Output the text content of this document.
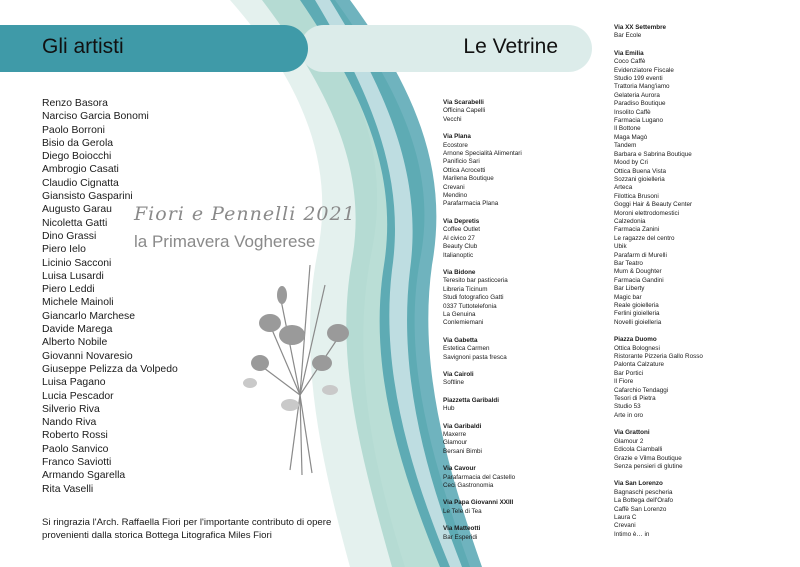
Le Vetrine
Gli artisti
Renzo Basora
Narciso Garcia Bonomi
Paolo Borroni
Bisio da Gerola
Diego Boiocchi
Ambrogio Casati
Claudio Cignatta
Giansisto Gasparini
Augusto Garau
Nicoletta Gatti
Dino Grassi
Piero Ielo
Licinio Sacconi
Luisa Lusardi
Piero Leddi
Michele Mainoli
Giancarlo Marchese
Davide Marega
Alberto Nobile
Giovanni Novaresio
Giuseppe Pelizza da Volpedo
Luisa Pagano
Lucia Pescador
Silverio Riva
Nando Riva
Roberto Rossi
Paolo Sanvico
Franco Saviotti
Armando Sgarella
Rita Vaselli
Fiori e Pennelli 2021
la Primavera Vogherese
Si ringrazia l'Arch. Raffaella Fiori per l'importante contributo di opere
provenienti dalla storica Bottega Litografica Miles Fiori
Via Scarabelli
Officina Capelli
Vecchi
Via Plana
Ecostore
Arnone Specialità Alimentari
Panificio Sari
Ottica Acrocetti
Marilena Boutique
Crevani
Mendino
Parafarmacia Plana
Via Depretis
Coffee Outlet
Al civico 27
Beauty Club
Italianoptic
Via Bidone
Teresito bar pasticceria
Libreria Ticinum
Studi fotografico Gatti
0337 Tuttotelefonia
La Genuina
Conlemiemani
Via Gabetta
Estetica Carmen
Savignoni pasta fresca
Via Cairoli
Softline
Piazzetta Garibaldi
Hub
Via Garibaldi
Maxerre
Glamour
Bersani Bimbi
Via Cavour
Parafarmacia del Castello
Ceci Gastronomia
Via Papa Giovanni XXIII
Le Tele di Tea
Via Matteotti
Bar Esperidi
Via XX Settembre
Bar Ecole
Via Emilia
Coco Caffè
Evidenziatore Fiscale
Studio 199 eventi
Trattoria Mang'iamo
Gelateria Aurora
Paradiso Boutique
Insolito Caffè
Farmacia Lugano
Il Bottone
Maga Magò
Tandem
Barbara e Sabrina Boutique
Mood by Cri
Ottica Buena Vista
Sozzani gioielleria
Arteca
Filottica Brusoni
Goggi Hair & Beauty Center
Moroni elettrodomestici
Calzedonia
Farmacia Zanini
Le ragazze del centro
Ubik
Parafarm di Murelli
Bar Teatro
Mum & Doughter
Farmacia Gandini
Bar Liberty
Magic bar
Reale gioielleria
Ferlini gioielleria
Novelli gioielleria
Piazza Duomo
Ottica Bolognesi
Ristorante Pizzeria Gallo Rosso
Palonta Calzature
Bar Portici
Il Fiore
Cafarchio Tendaggi
Tesori di Pietra
Studio 53
Arte in oro
Via Grattoni
Glamour 2
Edicola Ciamballi
Grazie e Vilma Boutique
Senza pensieri di glutine
Via San Lorenzo
Bagnaschi pescheria
La Bottega dell'Orafo
Caffè San Lorenzo
Laura C
Crevani
Intimo è… in
